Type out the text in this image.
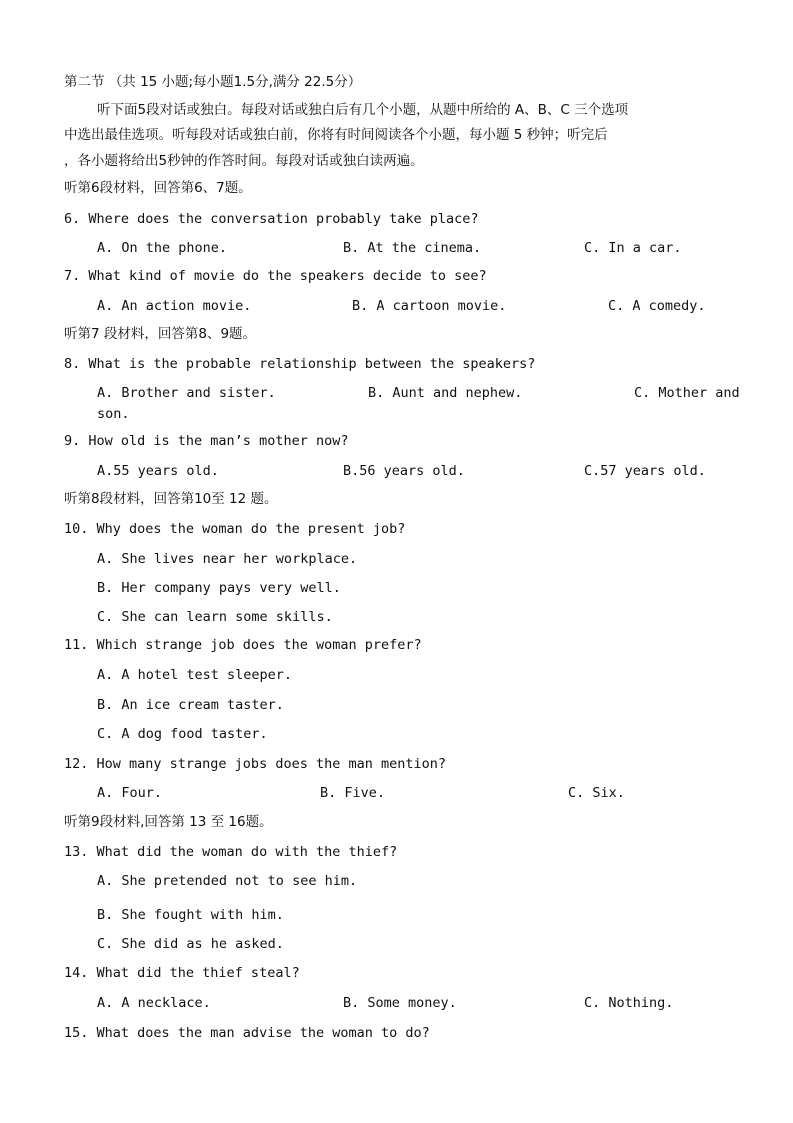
第二节 （共 15 小题;每小题1.5分,满分 22.5分）
听下面5段对话或独白。每段对话或独白后有几个小题，从题中所给的 A、B、C 三个选项
中选出最佳选项。听每段对话或独白前，你将有时间阅读各个小题，每小题 5 秒钟；听完后
，各小题将给出5秒钟的作答时间。每段对话或独白读两遍。
听第6段材料，回答第6、7题。
6. Where does the conversation probably take place?
A. On the phone.	B. At the cinema.	C. In a car.
7. What kind of movie do the speakers decide to see?
A. An action movie.	B. A cartoon movie.	C. A comedy.
听第7 段材料，回答第8、9题。
8. What is the probable relationship between the speakers?
A. Brother and sister.	B. Aunt and nephew.	C. Mother and
son.
9. How old is the man’s mother now?
A.55 years old.	B.56 years old.	C.57 years old.
听第8段材料，回答第10至 12 题。
10. Why does the woman do the present job?
A. She lives near her workplace.
B. Her company pays very well.
C. She can learn some skills.
11. Which strange job does the woman prefer?
A. A hotel test sleeper.
B. An ice cream taster.
C. A dog food taster.
12. How many strange jobs does the man mention?
A. Four.	B. Five.	C. Six.
听第9段材料,回答第 13 至 16题。
13. What did the woman do with the thief?
A. She pretended not to see him.
B. She fought with him.
C. She did as he asked.
14. What did the thief steal?
A. A necklace.	B. Some money.	C. Nothing.
15. What does the man advise the woman to do?
